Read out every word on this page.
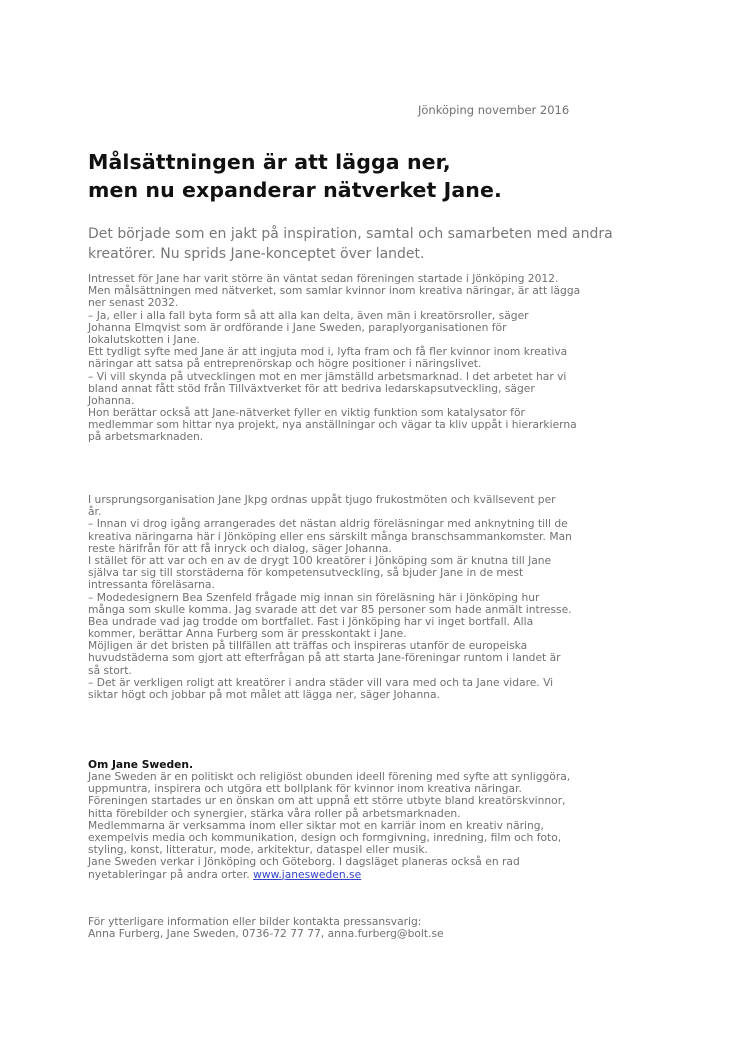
Jönköping november 2016
Målsättningen är att lägga ner,
men nu expanderar nätverket Jane.
Det började som en jakt på inspiration, samtal och samarbeten med andra
kreatörer. Nu sprids Jane-konceptet över landet.
Intresset för Jane har varit större än väntat sedan föreningen startade i Jönköping 2012.
Men målsättningen med nätverket, som samlar kvinnor inom kreativa näringar, är att lägga
ner senast 2032.
– Ja, eller i alla fall byta form så att alla kan delta, även män i kreatörsroller, säger
Johanna Elmqvist som är ordförande i Jane Sweden, paraplyorganisationen för
lokalutskotten i Jane.
Ett tydligt syfte med Jane är att ingjuta mod i, lyfta fram och få fler kvinnor inom kreativa
näringar att satsa på entreprenörskap och högre positioner i näringslivet.
– Vi vill skynda på utvecklingen mot en mer jämställd arbetsmarknad. I det arbetet har vi
bland annat fått stöd från Tillväxtverket för att bedriva ledarskapsutveckling, säger
Johanna.
Hon berättar också att Jane-nätverket fyller en viktig funktion som katalysator för
medlemmar som hittar nya projekt, nya anställningar och vägar ta kliv uppåt i hierarkierna
på arbetsmarknaden.
I ursprungsorganisation Jane Jkpg ordnas uppåt tjugo frukostmöten och kvällsevent per
år.
– Innan vi drog igång arrangerades det nästan aldrig föreläsningar med anknytning till de
kreativa näringarna här i Jönköping eller ens särskilt många branschsammankomster. Man
reste härifrån för att få inryck och dialog, säger Johanna.
I stället för att var och en av de drygt 100 kreatörer i Jönköping som är knutna till Jane
själva tar sig till storstäderna för kompetensutveckling, så bjuder Jane in de mest
intressanta föreläsarna.
– Modedesignern Bea Szenfeld frågade mig innan sin föreläsning här i Jönköping hur
många som skulle komma. Jag svarade att det var 85 personer som hade anmält intresse.
Bea undrade vad jag trodde om bortfallet. Fast i Jönköping har vi inget bortfall. Alla
kommer, berättar Anna Furberg som är presskontakt i Jane.
Möjligen är det bristen på tillfällen att träffas och inspireras utanför de europeiska
huvudstäderna som gjort att efterfrågan på att starta Jane-föreningar runtom i landet är
så stort.
– Det är verkligen roligt att kreatörer i andra städer vill vara med och ta Jane vidare. Vi
siktar högt och jobbar på mot målet att lägga ner, säger Johanna.
Om Jane Sweden.
Jane Sweden är en politiskt och religiöst obunden ideell förening med syfte att synliggöra,
uppmuntra, inspirera och utgöra ett bollplank för kvinnor inom kreativa näringar.
Föreningen startades ur en önskan om att uppnå ett större utbyte bland kreatörskvinnor,
hitta förebilder och synergier, stärka våra roller på arbetsmarknaden.
Medlemmarna är verksamma inom eller siktar mot en karriär inom en kreativ näring,
exempelvis media och kommunikation, design och formgivning, inredning, film och foto,
styling, konst, litteratur, mode, arkitektur, dataspel eller musik.
Jane Sweden verkar i Jönköping och Göteborg. I dagsläget planeras också en rad
nyetableringar på andra orter. www.janesweden.se
För ytterligare information eller bilder kontakta pressansvarig:
Anna Furberg, Jane Sweden, 0736-72 77 77, anna.furberg@bolt.se
